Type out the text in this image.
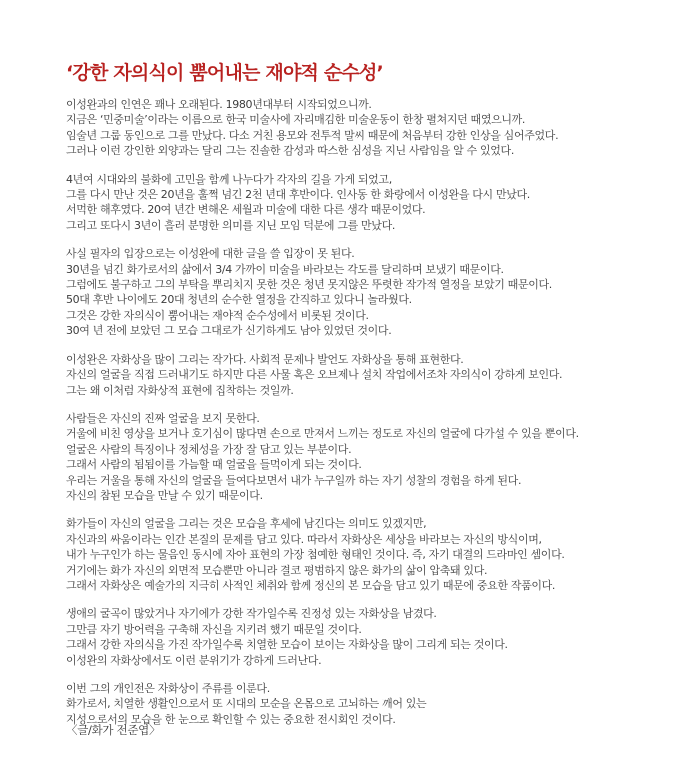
‘강한 자의식이 뿜어내는 재야적 순수성’
이성완과의 인연은 꽤나 오래된다. 1980년대부터 시작되었으니까.
지금은 ‘민중미술’이라는 이름으로 한국 미술사에 자리매김한 미술운동이 한창 펼쳐지던 때였으니까.
임술년 그룹 동인으로 그를 만났다. 다소 거친 용모와 전투적 말씨 때문에 처음부터 강한 인상을 심어주었다.
그러나 이런 강인한 외양과는 달리 그는 진솔한 감성과 따스한 심성을 지닌 사람임을 알 수 있었다.
4년여 시대와의 불화에 고민을 함께 나누다가 각자의 길을 가게 되었고,
그를 다시 만난 것은 20년을 훌쩍 넘긴 2천 년대 후반이다. 인사동 한 화랑에서 이성완을 다시 만났다.
서먹한 해후였다. 20여 년간 변해온 세월과 미술에 대한 다른 생각 때문이었다.
그리고 또다시 3년이 흘러 분명한 의미를 지닌 모임 덕분에 그를 만났다.
사실 필자의 입장으로는 이성완에 대한 글을 쓸 입장이 못 된다.
30년을 넘긴 화가로서의 삶에서 3/4 가까이 미술을 바라보는 각도를 달리하며 보냈기 때문이다.
그럼에도 불구하고 그의 부탁을 뿌리치지 못한 것은 청년 못지않은 뚜렷한 작가적 열정을 보았기 때문이다.
50대 후반 나이에도 20대 청년의 순수한 열정을 간직하고 있다니 놀라웠다.
그것은 강한 자의식이 뿜어내는 재야적 순수성에서 비롯된 것이다.
30여 년 전에 보았던 그 모습 그대로가 신기하게도 남아 있었던 것이다.
이성완은 자화상을 많이 그리는 작가다. 사회적 문제나 발언도 자화상을 통해 표현한다.
자신의 얼굴을 직접 드러내기도 하지만 다른 사물 혹은 오브제나 설치 작업에서조차 자의식이 강하게 보인다.
그는 왜 이처럼 자화상적 표현에 집착하는 것일까.
사람들은 자신의 진짜 얼굴을 보지 못한다.
거울에 비친 영상을 보거나 호기심이 많다면 손으로 만져서 느끼는 정도로 자신의 얼굴에 다가설 수 있을 뿐이다.
얼굴은 사람의 특징이나 정체성을 가장 잘 담고 있는 부분이다.
그래서 사람의 됨됨이를 가늠할 때 얼굴을 들먹이게 되는 것이다.
우리는 거울을 통해 자신의 얼굴을 들여다보면서 내가 누구일까 하는 자기 성찰의 경험을 하게 된다.
자신의 참된 모습을 만날 수 있기 때문이다.
화가들이 자신의 얼굴을 그리는 것은 모습을 후세에 남긴다는 의미도 있겠지만,
자신과의 싸움이라는 인간 본질의 문제를 담고 있다. 따라서 자화상은 세상을 바라보는 자신의 방식이며,
내가 누구인가 하는 물음인 동시에 자아 표현의 가장 첨예한 형태인 것이다. 즉, 자기 대결의 드라마인 셈이다.
거기에는 화가 자신의 외면적 모습뿐만 아니라 결코 평범하지 않은 화가의 삶이 압축돼 있다.
그래서 자화상은 예술가의 지극히 사적인 체취와 함께 정신의 본 모습을 담고 있기 때문에 중요한 작품이다.
생애의 굴곡이 많았거나 자기에가 강한 작가일수록 진정성 있는 자화상을 남겼다.
그만큼 자기 방어력을 구축해 자신을 지키려 했기 때문일 것이다.
그래서 강한 자의식을 가진 작가일수록 치열한 모습이 보이는 자화상을 많이 그리게 되는 것이다.
이성완의 자화상에서도 이런 분위기가 강하게 드러난다.
이번 그의 개인전은 자화상이 주류를 이룬다.
화가로서, 치열한 생활인으로서 또 시대의 모순을 온몸으로 고뇌하는 깨어 있는
지성으로서의 모습을 한 눈으로 확인할 수 있는 중요한 전시회인 것이다.
〈글/화가 전준엽〉
